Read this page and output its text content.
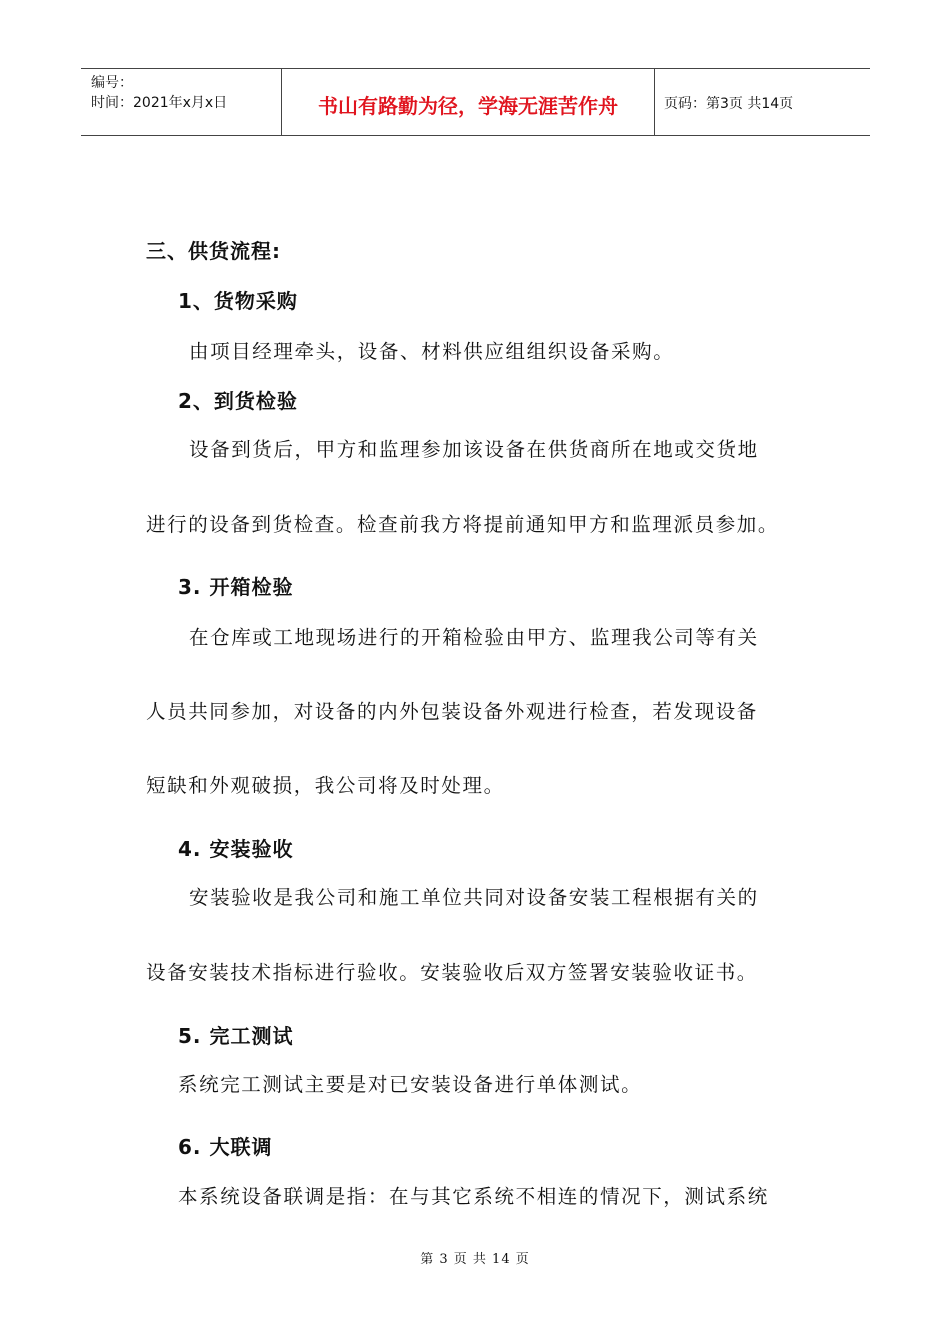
编号：
时间：2021年x月x日	书山有路勤为径，学海无涯苦作舟	页码：第3页 共14页
三、供货流程:
1、货物采购
由项目经理牵头，设备、材料供应组组织设备采购。
2、到货检验
设备到货后，甲方和监理参加该设备在供货商所在地或交货地
进行的设备到货检查。检查前我方将提前通知甲方和监理派员参加。
3. 开箱检验
在仓库或工地现场进行的开箱检验由甲方、监理我公司等有关
人员共同参加，对设备的内外包装设备外观进行检查，若发现设备
短缺和外观破损，我公司将及时处理。
4. 安装验收
安装验收是我公司和施工单位共同对设备安装工程根据有关的
设备安装技术指标进行验收。安装验收后双方签署安装验收证书。
5. 完工测试
系统完工测试主要是对已安装设备进行单体测试。
6. 大联调
本系统设备联调是指：在与其它系统不相连的情况下，测试系统
第 3 页 共 14 页
